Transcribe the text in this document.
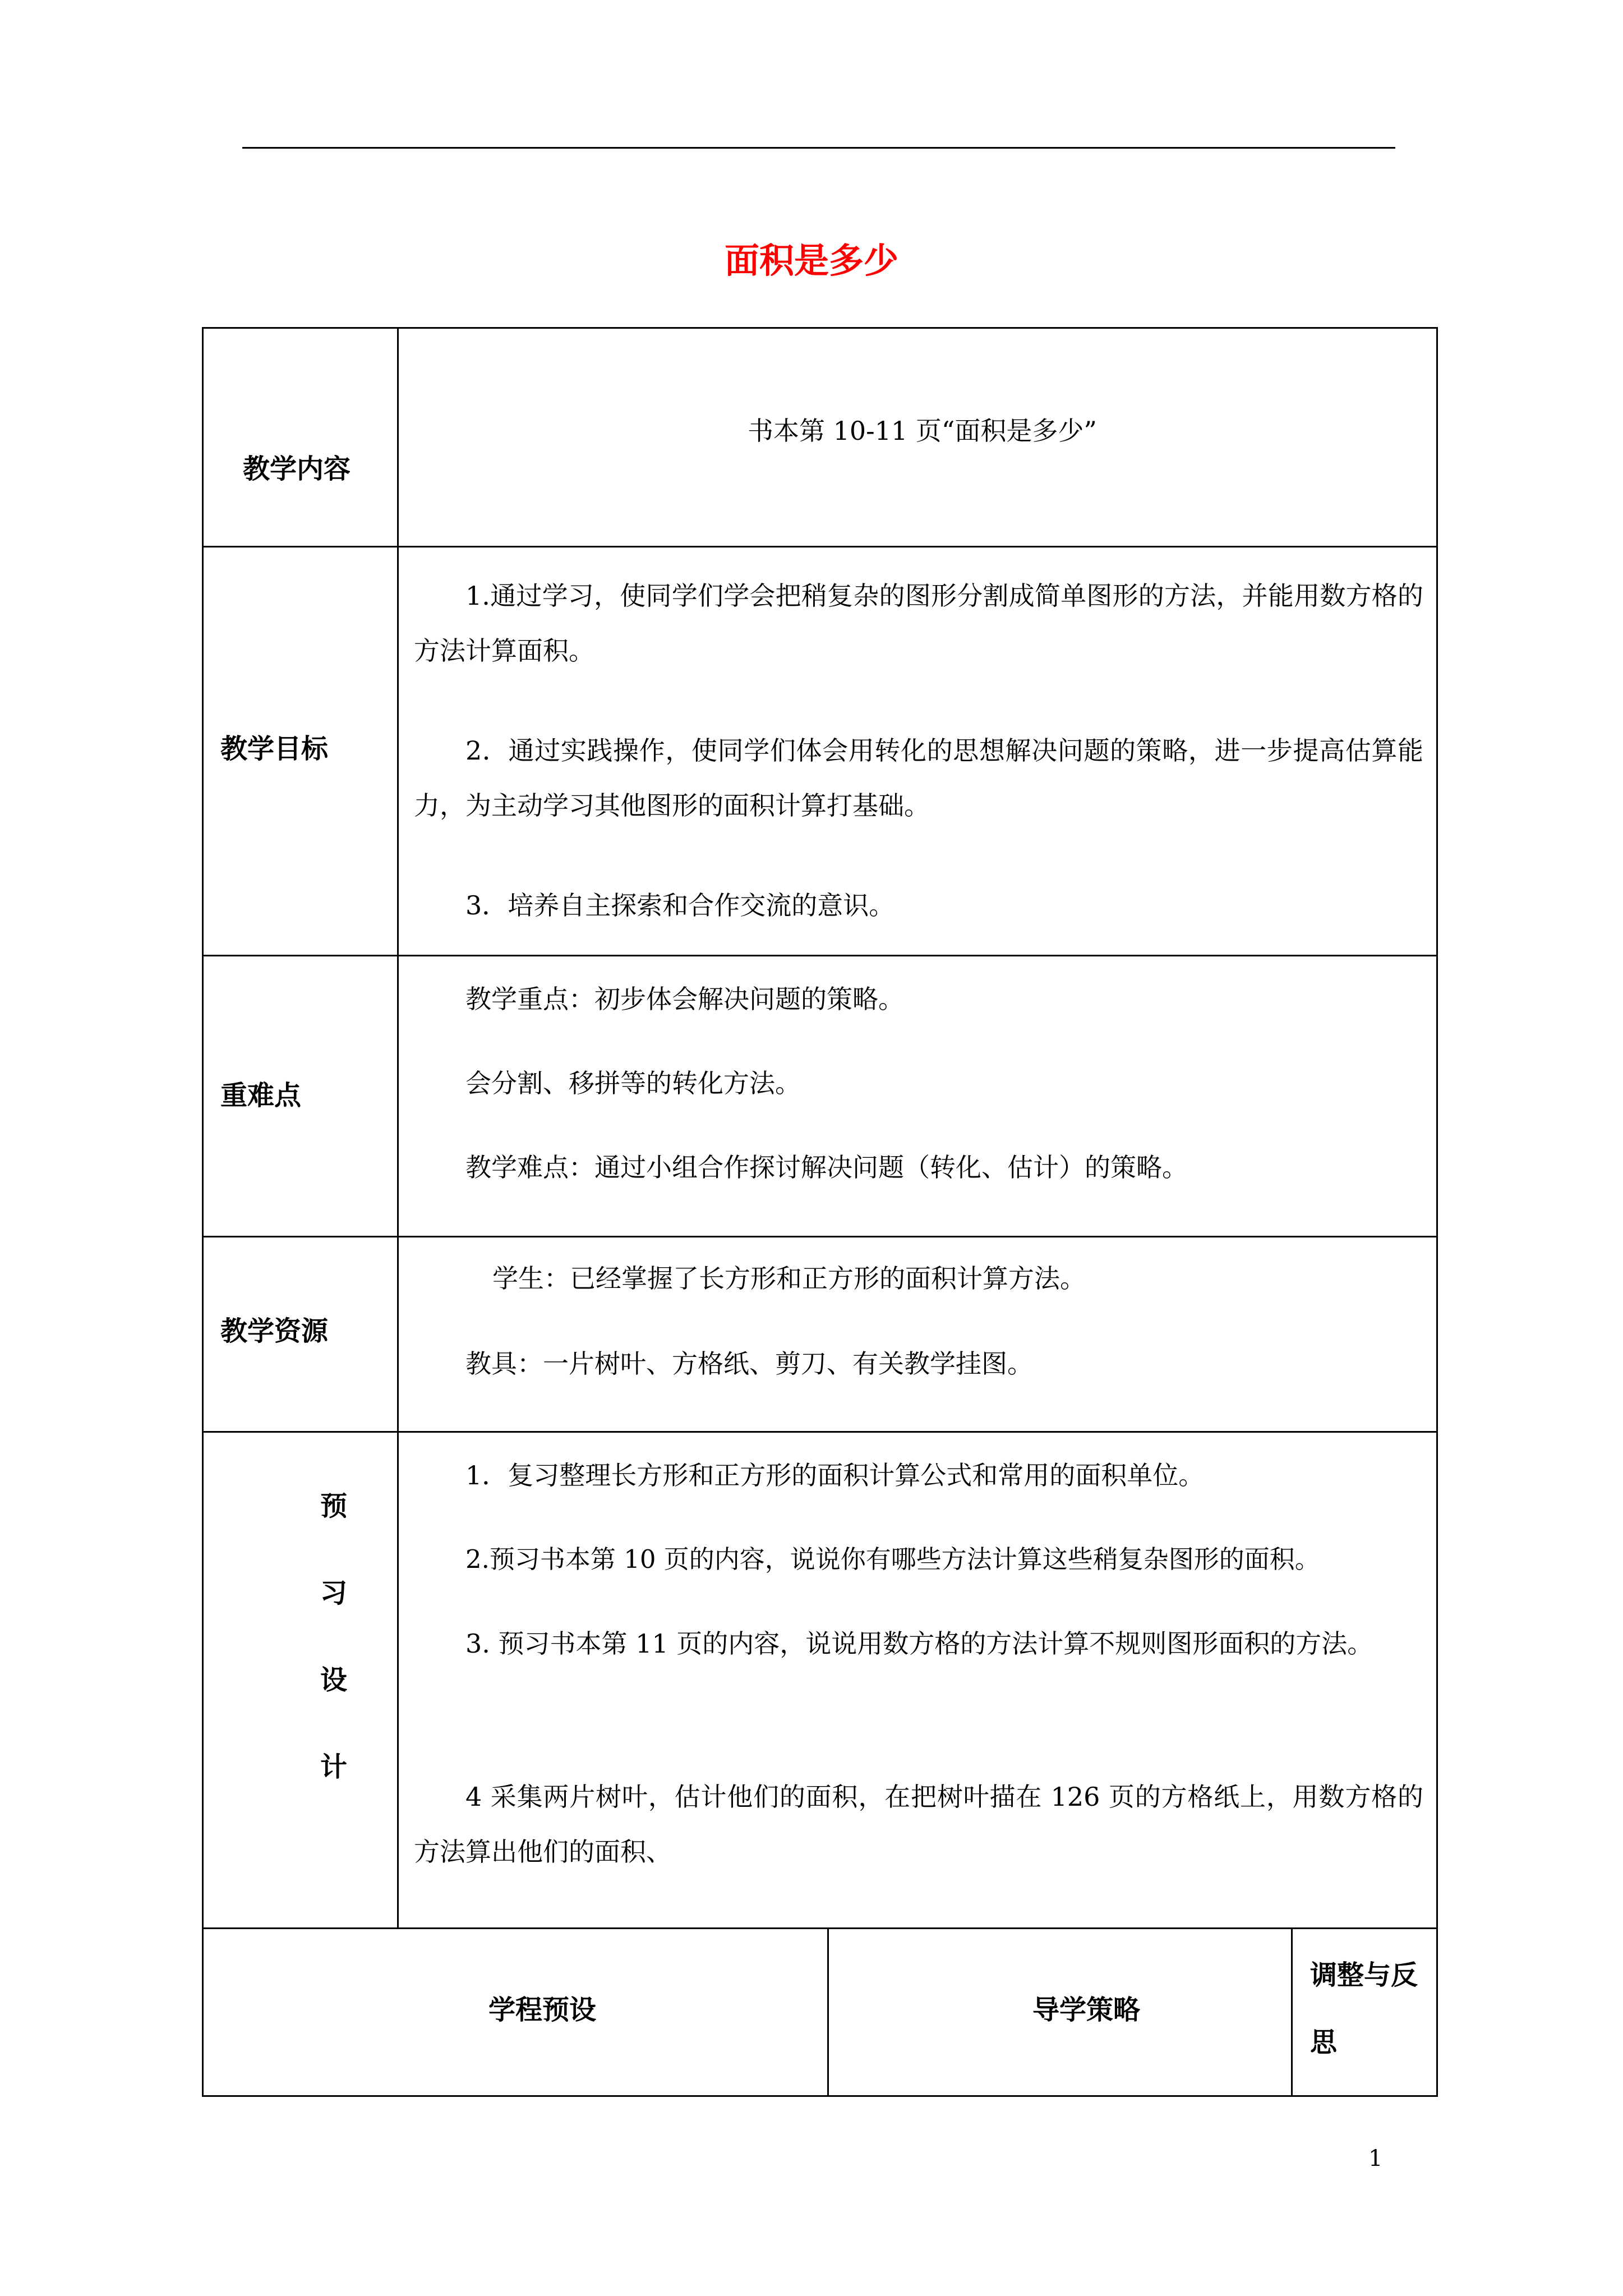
面积是多少
教学内容
书本第 10-11 页“面积是多少”
教学目标
1.通过学习，使同学们学会把稍复杂的图形分割成简单图形的方法，并能用数方格的方法计算面积。
2．通过实践操作，使同学们体会用转化的思想解决问题的策略，进一步提高估算能力，为主动学习其他图形的面积计算打基础。
3．培养自主探索和合作交流的意识。
重难点
教学重点：初步体会解决问题的策略。
会分割、移拼等的转化方法。
教学难点：通过小组合作探讨解决问题（转化、估计）的策略。
教学资源
学生：已经掌握了长方形和正方形的面积计算方法。
教具：一片树叶、方格纸、剪刀、有关教学挂图。
预
习
设
计
1．复习整理长方形和正方形的面积计算公式和常用的面积单位。
2.预习书本第 10 页的内容，说说你有哪些方法计算这些稍复杂图形的面积。
3. 预习书本第 11 页的内容，说说用数方格的方法计算不规则图形面积的方法。
4 采集两片树叶，估计他们的面积，在把树叶描在 126 页的方格纸上，用数方格的方法算出他们的面积、
学程预设	导学策略
调整与反思
1
